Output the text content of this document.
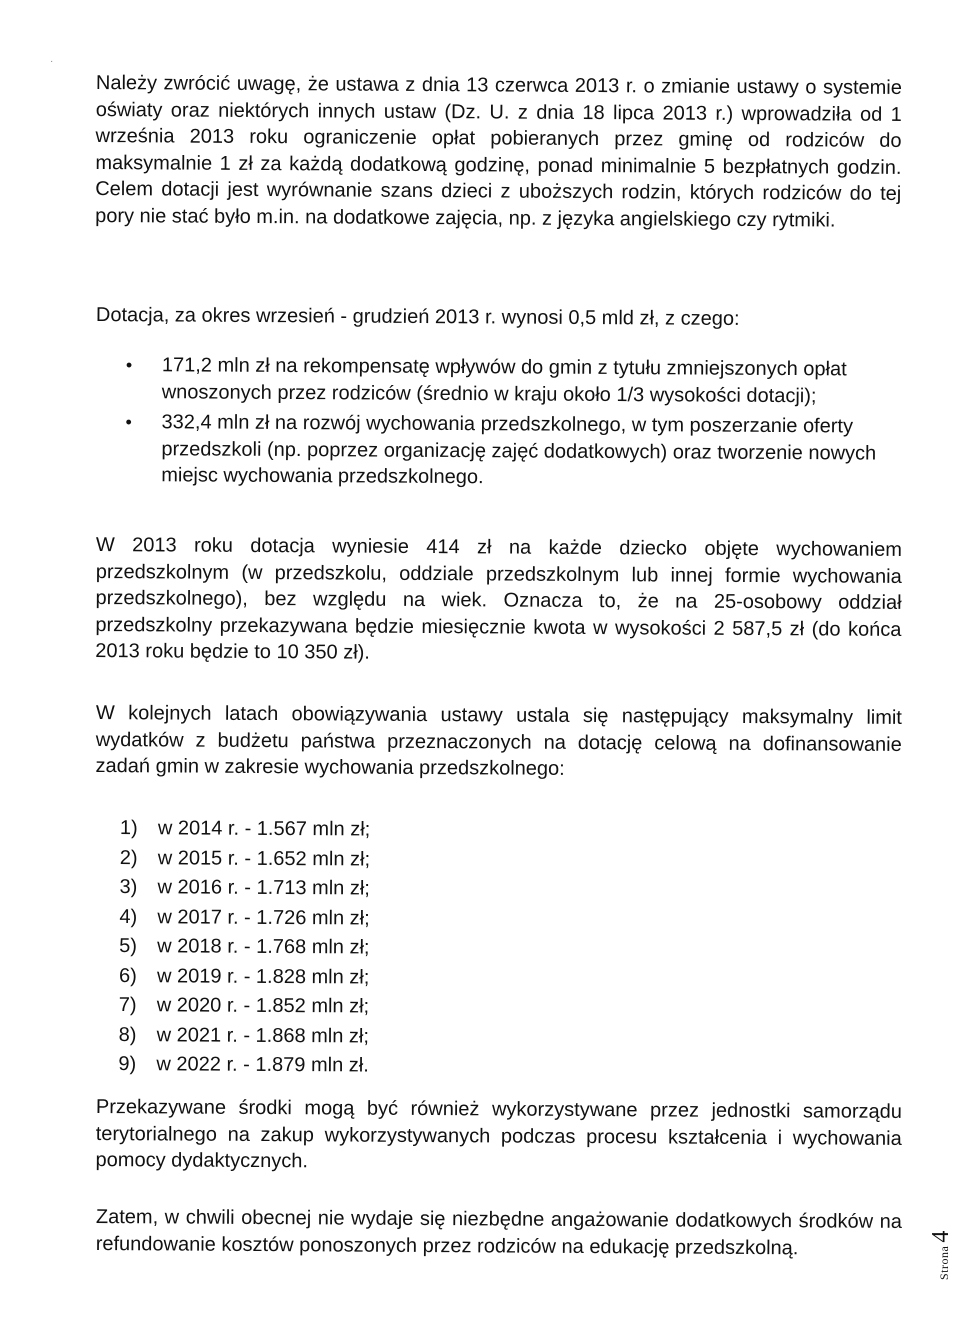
·

Należy zwrócić uwagę, że ustawa z dnia 13 czerwca 2013 r. o zmianie ustawy o systemie oświaty oraz niektórych innych ustaw (Dz. U. z dnia 18 lipca 2013 r.) wprowadziła od 1 września 2013 roku ograniczenie opłat pobieranych przez gminę od rodziców do maksymalnie 1 zł za każdą dodatkową godzinę, ponad minimalnie 5 bezpłatnych godzin. Celem dotacji jest wyrównanie szans dzieci z uboższych rodzin, których rodziców do tej pory nie stać było m.in. na dodatkowe zajęcia, np. z języka angielskiego czy rytmiki.

Dotacja, za okres wrzesień - grudzień 2013 r. wynosi 0,5 mld zł, z czego:

• 171,2 mln zł na rekompensatę wpływów do gmin z tytułu zmniejszonych opłat wnoszonych przez rodziców (średnio w kraju około 1/3 wysokości dotacji);
• 332,4 mln zł na rozwój wychowania przedszkolnego, w tym poszerzanie oferty przedszkoli (np. poprzez organizację zajęć dodatkowych) oraz tworzenie nowych miejsc wychowania przedszkolnego.

W 2013 roku dotacja wyniesie 414 zł na każde dziecko objęte wychowaniem przedszkolnym (w przedszkolu, oddziale przedszkolnym lub innej formie wychowania przedszkolnego), bez względu na wiek. Oznacza to, że na 25-osobowy oddział przedszkolny przekazywana będzie miesięcznie kwota w wysokości 2 587,5 zł (do końca 2013 roku będzie to 10 350 zł).

W kolejnych latach obowiązywania ustawy ustala się następujący maksymalny limit wydatków z budżetu państwa przeznaczonych na dotację celową na dofinansowanie zadań gmin w zakresie wychowania przedszkolnego:

1)	w 2014 r. - 1.567 mln zł;
2)	w 2015 r. - 1.652 mln zł;
3)	w 2016 r. - 1.713 mln zł;
4)	w 2017 r. - 1.726 mln zł;
5)	w 2018 r. - 1.768 mln zł;
6)	w 2019 r. - 1.828 mln zł;
7)	w 2020 r. - 1.852 mln zł;
8)	w 2021 r. - 1.868 mln zł;
9)	w 2022 r. - 1.879 mln zł.

Przekazywane środki mogą być również wykorzystywane przez jednostki samorządu terytorialnego na zakup wykorzystywanych podczas procesu kształcenia i wychowania pomocy dydaktycznych.

Zatem, w chwili obecnej nie wydaje się niezbędne angażowanie dodatkowych środków na refundowanie kosztów ponoszonych przez rodziców na edukację przedszkolną.

Strona4
